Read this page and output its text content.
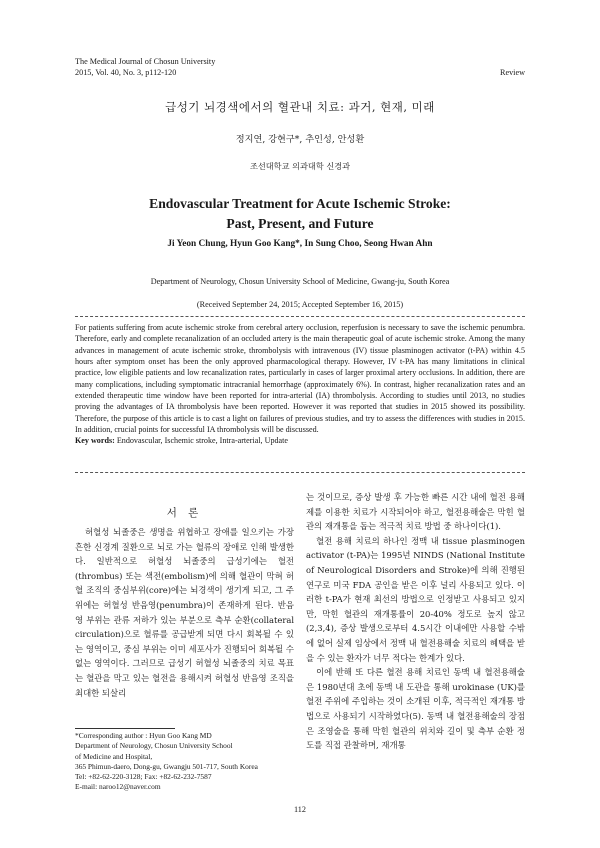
The Medical Journal of Chosun University
2015, Vol. 40, No. 3, p112-120	Review
급성기 뇌경색에서의 혈관내 치료: 과거, 현재, 미래
정지연, 강현구*, 추인성, 안성환
조선대학교 의과대학 신경과
Endovascular Treatment for Acute Ischemic Stroke:
Past, Present, and Future
Ji Yeon Chung, Hyun Goo Kang*, In Sung Choo, Seong Hwan Ahn
Department of Neurology, Chosun University School of Medicine, Gwang-ju, South Korea
(Received September 24, 2015; Accepted September 16, 2015)
For patients suffering from acute ischemic stroke from cerebral artery occlusion, reperfusion is necessary to save the ischemic penumbra. Therefore, early and complete recanalization of an occluded artery is the main therapeutic goal of acute ischemic stroke. Among the many advances in management of acute ischemic stroke, thrombolysis with intravenous (IV) tissue plasminogen activator (t-PA) within 4.5 hours after symptom onset has been the only approved pharmacological therapy. However, IV t-PA has many limitations in clinical practice, low eligible patients and low recanalization rates, particularly in cases of larger proximal artery occlusions. In addition, there are many complications, including symptomatic intracranial hemorrhage (approximately 6%). In contrast, higher recanalization rates and an extended therapeutic time window have been reported for intra-arterial (IA) thrombolysis. According to studies until 2013, no studies proving the advantages of IA thrombolysis have been reported. However it was reported that studies in 2015 showed its possibility. Therefore, the purpose of this article is to cast a light on failures of previous studies, and try to assess the differences with studies in 2015. In addition, crucial points for successful IA thrombolysis will be discussed.
Key words: Endovascular, Ischemic stroke, Intra-arterial, Update
서 론

허혈성 뇌졸중은 생명을 위협하고 장애를 일으키는 가장 흔한 신경계 질환으로 뇌로 가는 혈류의 장애로 인해 발생한다. 일반적으로 허혈성 뇌졸중의 급성기에는 혈전(thrombus) 또는 색전(embolism)에 의해 혈관이 막혀 허혈 조직의 중심부위(core)에는 뇌경색이 생기게 되고, 그 주위에는 허혈성 반음영(penumbra)이 존재하게 된다. 반음영 부위는 관류 저하가 있는 부분으로 측부 순환(collateral circulation)으로 혈류를 공급받게 되면 다시 회복될 수 있는 영역이고, 중심 부위는 이미 세포사가 진행되어 회복될 수 없는 영역이다. 그러므로 급성기 허혈성 뇌졸중의 치료 목표는 혈관을 막고 있는 혈전을 용해시켜 허혈성 반음영 조직을 최대한 되살리

는 것이므로, 증상 발생 후 가능한 빠른 시간 내에 혈전 용해제를 이용한 치료가 시작되어야 하고, 혈전용해술은 막힌 혈관의 재개통을 돕는 적극적 치료 방법 중 하나이다(1).

혈전 용해 치료의 하나인 정맥 내 tissue plasminogen activator (t-PA)는 1995년 NINDS (National Institute of Neurological Disorders and Stroke)에 의해 진행된 연구로 미국 FDA 공인을 받은 이후 널리 사용되고 있다. 이러한 t-PA가 현재 최선의 방법으로 인정받고 사용되고 있지만, 막힌 혈관의 재개통률이 20-40% 정도로 높지 않고(2,3,4), 증상 발생으로부터 4.5시간 이내에만 사용할 수밖에 없어 실제 임상에서 정맥 내 혈전용해술 치료의 혜택을 받을 수 있는 환자가 너무 적다는 한계가 있다.

이에 반해 또 다른 혈전 용해 치료인 동맥 내 혈전용해술은 1980년대 초에 동맥 내 도관을 통해 urokinase (UK)를 혈전 주위에 주입하는 것이 소개된 이후, 적극적인 재개통 방법으로 사용되기 시작하였다(5). 동맥 내 혈전용해술의 장점은 조영술을 통해 막힌 혈관의 위치와 길이 및 측부 순환 정도를 직접 관찰하며, 재개통

*Corresponding author : Hyun Goo Kang MD
Department of Neurology, Chosun University School
of Medicine and Hospital,
365 Phimun-daero, Dong-gu, Gwangju 501-717, South Korea
Tel: +82-62-220-3128; Fax: +82-62-232-7587
E-mail: naroo12@naver.com
112
